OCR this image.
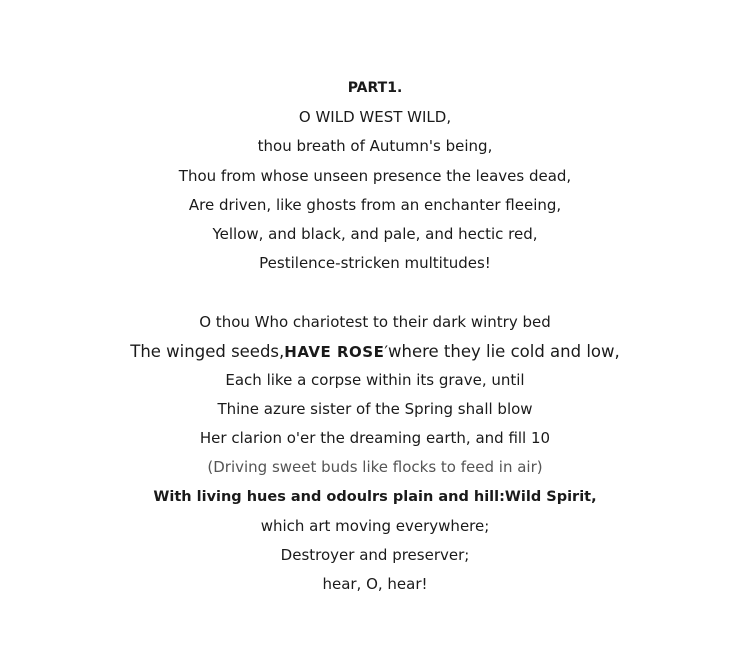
PART1.
O WILD WEST WILD,
thou breath of Autumn's being,
Thou from whose unseen presence the leaves dead,
Are driven, like ghosts from an enchanter fleeing,
Yellow, and black, and pale, and hectic red,
Pestilence-stricken multitudes!
O thou Who chariotest to their dark wintry bed
The winged seeds,HAVE ROSE′where they lie cold and low,
Each like a corpse within its grave, until
Thine azure sister of the Spring shall blow
Her clarion o'er the dreaming earth, and fill 10
(Driving sweet buds like flocks to feed in air)
With living hues and odoulrs plain and hill:Wild Spirit,
which art moving everywhere;
Destroyer and preserver;
hear, O, hear!
